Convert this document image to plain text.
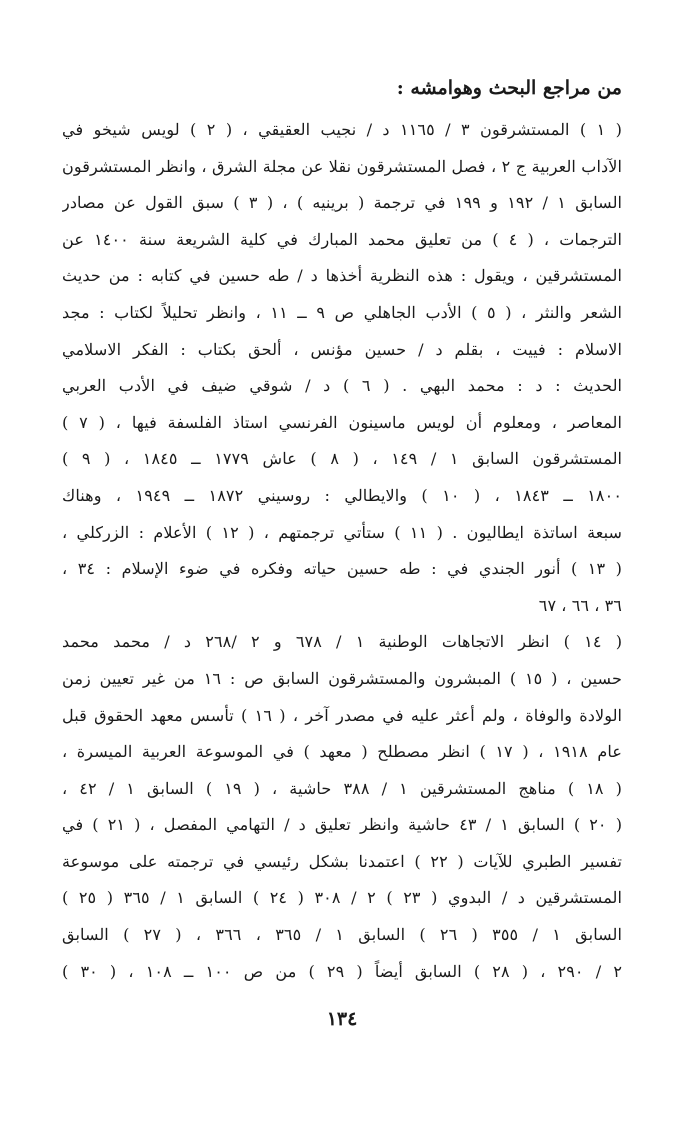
من مراجع البحث وهوامشه :
( ١ ) المستشرقون ٣ / ١١٦٥ د / نجيب العقيقي ، ( ٢ ) لويس شيخو في
الآداب العربية ج ٢ ، فصل المستشرقون نقلا عن مجلة الشرق ، وانظر المستشرقون
السابق ١ / ١٩٢ و ١٩٩ في ترجمة ( برينيه ) ، ( ٣ ) سبق القول عن مصادر
الترجمات ، ( ٤ ) من تعليق محمد المبارك في كلية الشريعة سنة ١٤٠٠ عن
المستشرقين ، ويقول : هذه النظرية أخذها د / طه حسين في كتابه : من حديث
الشعر والنثر ، ( ٥ ) الأدب الجاهلي ص ٩ ــ ١١ ، وانظر تحليلاً لكتاب : مجد
الاسلام : فييت ، بقلم د / حسين مؤنس ، ألحق بكتاب : الفكر الاسلامي
الحديث : د : محمد البهي . ( ٦ ) د / شوقي ضيف في الأدب العربي
المعاصر ، ومعلوم أن لويس ماسينون الفرنسي استاذ الفلسفة فيها ، ( ٧ )
المستشرقون السابق ١ / ١٤٩ ، ( ٨ ) عاش ١٧٧٩ ــ ١٨٤٥ ، ( ٩ )
١٨٠٠ ــ ١٨٤٣ ، ( ١٠ ) والايطالي : روسيني ١٨٧٢ ــ ١٩٤٩ ، وهناك
سبعة اساتذة ايطاليون . ( ١١ ) ستأتي ترجمتهم ، ( ١٢ ) الأعلام : الزركلي ،
( ١٣ ) أنور الجندي في : طه حسين حياته وفكره في ضوء الإسلام : ٣٤ ،
٣٦ ، ٦٦ ، ٦٧
( ١٤ ) انظر الاتجاهات الوطنية ١ / ٦٧٨ و ٢ /٢٦٨ د / محمد محمد
حسين ، ( ١٥ ) المبشرون والمستشرقون السابق ص : ١٦ من غير تعيين زمن
الولادة والوفاة ، ولم أعثر عليه في مصدر آخر ، ( ١٦ ) تأسس معهد الحقوق قبل
عام ١٩١٨ ، ( ١٧ ) انظر مصطلح ( معهد ) في الموسوعة العربية الميسرة ،
( ١٨ ) مناهج المستشرقين ١ / ٣٨٨ حاشية ، ( ١٩ ) السابق ١ / ٤٢ ،
( ٢٠ ) السابق ١ / ٤٣ حاشية وانظر تعليق د / التهامي المفصل ، ( ٢١ ) في
تفسير الطبري للآيات ( ٢٢ ) اعتمدنا بشكل رئيسي في ترجمته على موسوعة
المستشرقين د / البدوي ( ٢٣ ) ٢ / ٣٠٨ ( ٢٤ ) السابق ١ / ٣٦٥ ( ٢٥ )
السابق ١ / ٣٥٥ ( ٢٦ ) السابق ١ / ٣٦٥ ، ٣٦٦ ، ( ٢٧ ) السابق
٢ / ٢٩٠ ، ( ٢٨ ) السابق أيضاً ( ٢٩ ) من ص ١٠٠ ــ ١٠٨ ، ( ٣٠ )
١٣٤
